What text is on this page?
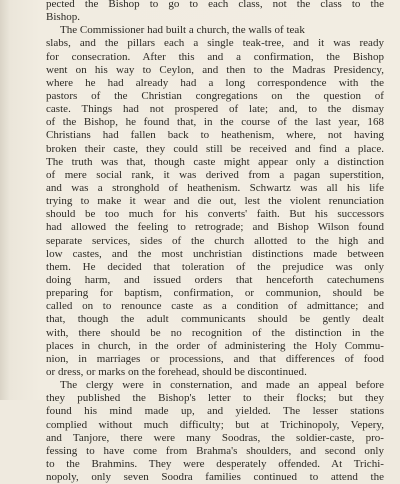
pected the Bishop to go to each class, not the class to the
Bishop.
The Commissioner had built a church, the walls of teak
slabs, and the pillars each a single teak-tree, and it was ready
for consecration. After this and a confirmation, the Bishop
went on his way to Ceylon, and then to the Madras Presidency,
where he had already had a long correspondence with the
pastors of the Christian congregations on the question of
caste. Things had not prospered of late; and, to the dismay
of the Bishop, he found that, in the course of the last year, 168
Christians had fallen back to heathenism, where, not having
broken their caste, they could still be received and find a place.
The truth was that, though caste might appear only a distinction
of mere social rank, it was derived from a pagan superstition,
and was a stronghold of heathenism. Schwartz was all his life
trying to make it wear and die out, lest the violent renunciation
should be too much for his converts' faith. But his successors
had allowed the feeling to retrograde; and Bishop Wilson found
separate services, sides of the church allotted to the high and
low castes, and the most unchristian distinctions made between
them. He decided that toleration of the prejudice was only
doing harm, and issued orders that henceforth catechumens
preparing for baptism, confirmation, or communion, should be
called on to renounce caste as a condition of admittance; and
that, though the adult communicants should be gently dealt
with, there should be no recognition of the distinction in the
places in church, in the order of administering the Holy Commu-
nion, in marriages or processions, and that differences of food
or dress, or marks on the forehead, should be discontinued.
The clergy were in consternation, and made an appeal before
they published the Bishop's letter to their flocks; but they
found his mind made up, and yielded. The lesser stations
complied without much difficulty; but at Trichinopoly, Vepery,
and Tanjore, there were many Soodras, the soldier-caste, pro-
fessing to have come from Brahma's shoulders, and second only
to the Brahmins. They were desperately offended. At Trichi-
nopoly, only seven Soodra families continued to attend the
